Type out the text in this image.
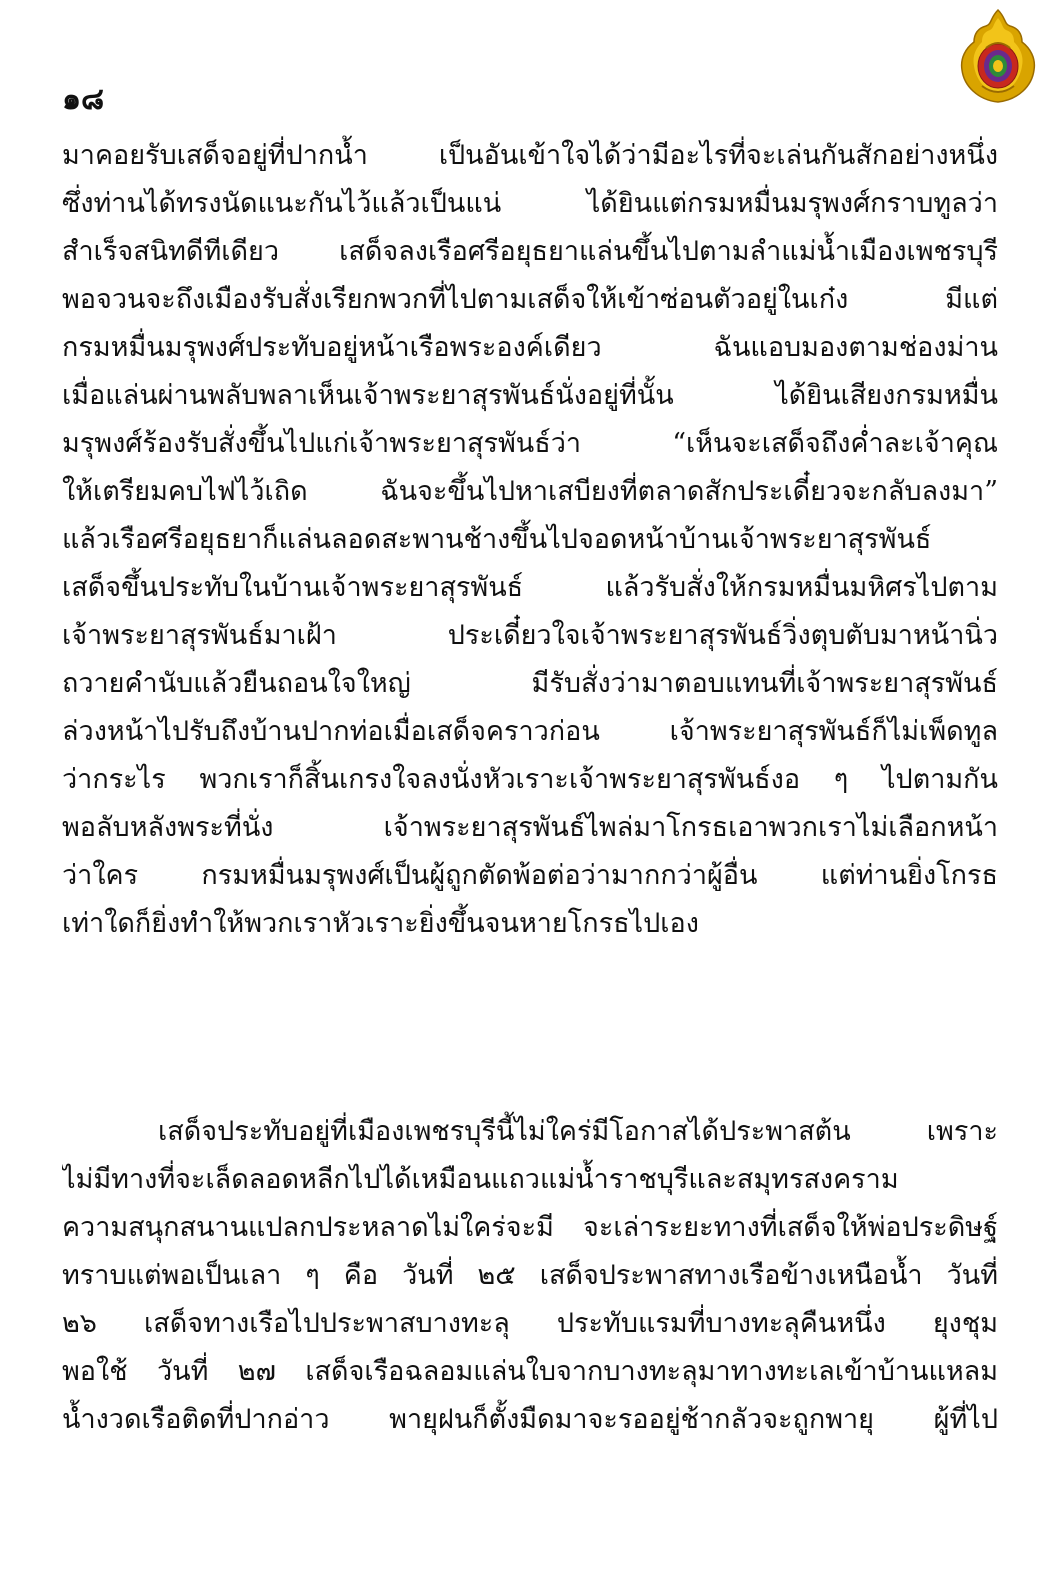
๑๘
มาคอยรับเสด็จอยู่ที่ปากน้ำ เป็นอันเข้าใจได้ว่ามีอะไรที่จะเล่นกันสักอย่างหนึ่ง
ซึ่งท่านได้ทรงนัดแนะกันไว้แล้วเป็นแน่ ได้ยินแต่กรมหมื่นมรุพงศ์กราบทูลว่า
สำเร็จสนิทดีทีเดียว เสด็จลงเรือศรีอยุธยาแล่นขึ้นไปตามลำแม่น้ำเมืองเพชรบุรี
พอจวนจะถึงเมืองรับสั่งเรียกพวกที่ไปตามเสด็จให้เข้าซ่อนตัวอยู่ในเก๋ง มีแต่
กรมหมื่นมรุพงศ์ประทับอยู่หน้าเรือพระองค์เดียว ฉันแอบมองตามช่องม่าน
เมื่อแล่นผ่านพลับพลาเห็นเจ้าพระยาสุรพันธ์นั่งอยู่ที่นั้น ได้ยินเสียงกรมหมื่น
มรุพงศ์ร้องรับสั่งขึ้นไปแก่เจ้าพระยาสุรพันธ์ว่า “เห็นจะเสด็จถึงค่ำละเจ้าคุณ
ให้เตรียมคบไฟไว้เถิด ฉันจะขึ้นไปหาเสบียงที่ตลาดสักประเดี๋ยวจะกลับลงมา”
แล้วเรือศรีอยุธยาก็แล่นลอดสะพานช้างขึ้นไปจอดหน้าบ้านเจ้าพระยาสุรพันธ์
เสด็จขึ้นประทับในบ้านเจ้าพระยาสุรพันธ์ แล้วรับสั่งให้กรมหมื่นมหิศรไปตาม
เจ้าพระยาสุรพันธ์มาเฝ้า ประเดี๋ยวใจเจ้าพระยาสุรพันธ์วิ่งตุบตับมาหน้านิ่ว
ถวายคำนับแล้วยืนถอนใจใหญ่ มีรับสั่งว่ามาตอบแทนที่เจ้าพระยาสุรพันธ์
ล่วงหน้าไปรับถึงบ้านปากท่อเมื่อเสด็จคราวก่อน เจ้าพระยาสุรพันธ์ก็ไม่เพ็ดทูล
ว่ากระไร พวกเราก็สิ้นเกรงใจลงนั่งหัวเราะเจ้าพระยาสุรพันธ์งอ ๆ ไปตามกัน
พอลับหลังพระที่นั่ง เจ้าพระยาสุรพันธ์ไพล่มาโกรธเอาพวกเราไม่เลือกหน้า
ว่าใคร กรมหมื่นมรุพงศ์เป็นผู้ถูกตัดพ้อต่อว่ามากกว่าผู้อื่น แต่ท่านยิ่งโกรธ
เท่าใดก็ยิ่งทำให้พวกเราหัวเราะยิ่งขึ้นจนหายโกรธไปเอง
เสด็จประทับอยู่ที่เมืองเพชรบุรีนี้ไม่ใคร่มีโอกาสได้ประพาสต้น เพราะ
ไม่มีทางที่จะเล็ดลอดหลีกไปได้เหมือนแถวแม่น้ำราชบุรีและสมุทรสงคราม
ความสนุกสนานแปลกประหลาดไม่ใคร่จะมี จะเล่าระยะทางที่เสด็จให้พ่อประดิษฐ์
ทราบแต่พอเป็นเลา ๆ คือ วันที่ ๒๕ เสด็จประพาสทางเรือข้างเหนือน้ำ วันที่
๒๖ เสด็จทางเรือไปประพาสบางทะลุ ประทับแรมที่บางทะลุคืนหนึ่ง ยุงชุม
พอใช้ วันที่ ๒๗ เสด็จเรือฉลอมแล่นใบจากบางทะลุมาทางทะเลเข้าบ้านแหลม
น้ำงวดเรือติดที่ปากอ่าว พายุฝนก็ตั้งมืดมาจะรออยู่ช้ากลัวจะถูกพายุ ผู้ที่ไป
